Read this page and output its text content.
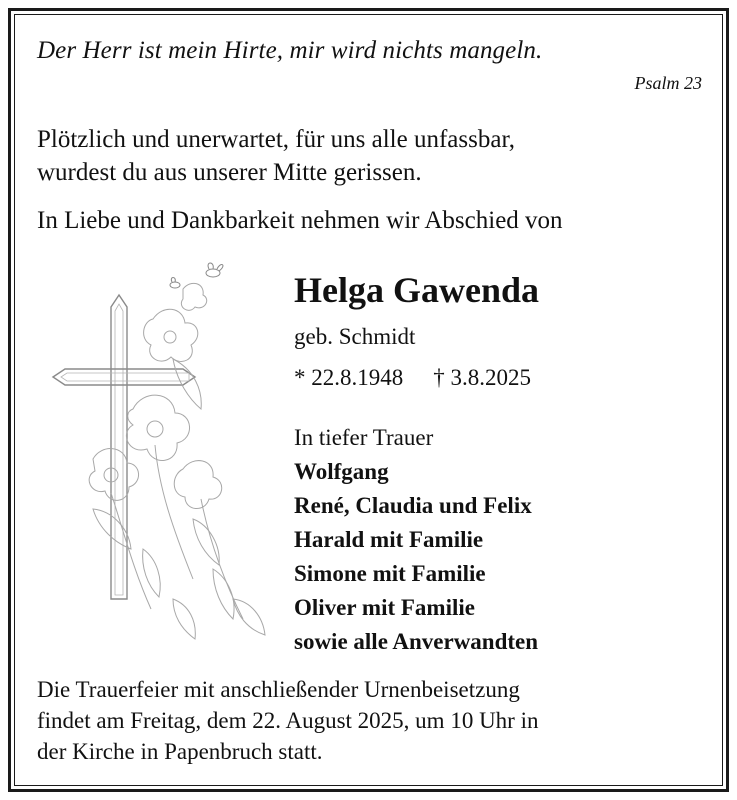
Der Herr ist mein Hirte, mir wird nichts mangeln.
Psalm 23
Plötzlich und unerwartet, für uns alle unfassbar,
wurdest du aus unserer Mitte gerissen.
In Liebe und Dankbarkeit nehmen wir Abschied von
Helga Gawenda
geb. Schmidt
* 22.8.1948 † 3.8.2025
In tiefer Trauer
Wolfgang
René, Claudia und Felix
Harald mit Familie
Simone mit Familie
Oliver mit Familie
sowie alle Anverwandten
Die Trauerfeier mit anschließender Urnenbeisetzung
findet am Freitag, dem 22. August 2025, um 10 Uhr in
der Kirche in Papenbruch statt.
